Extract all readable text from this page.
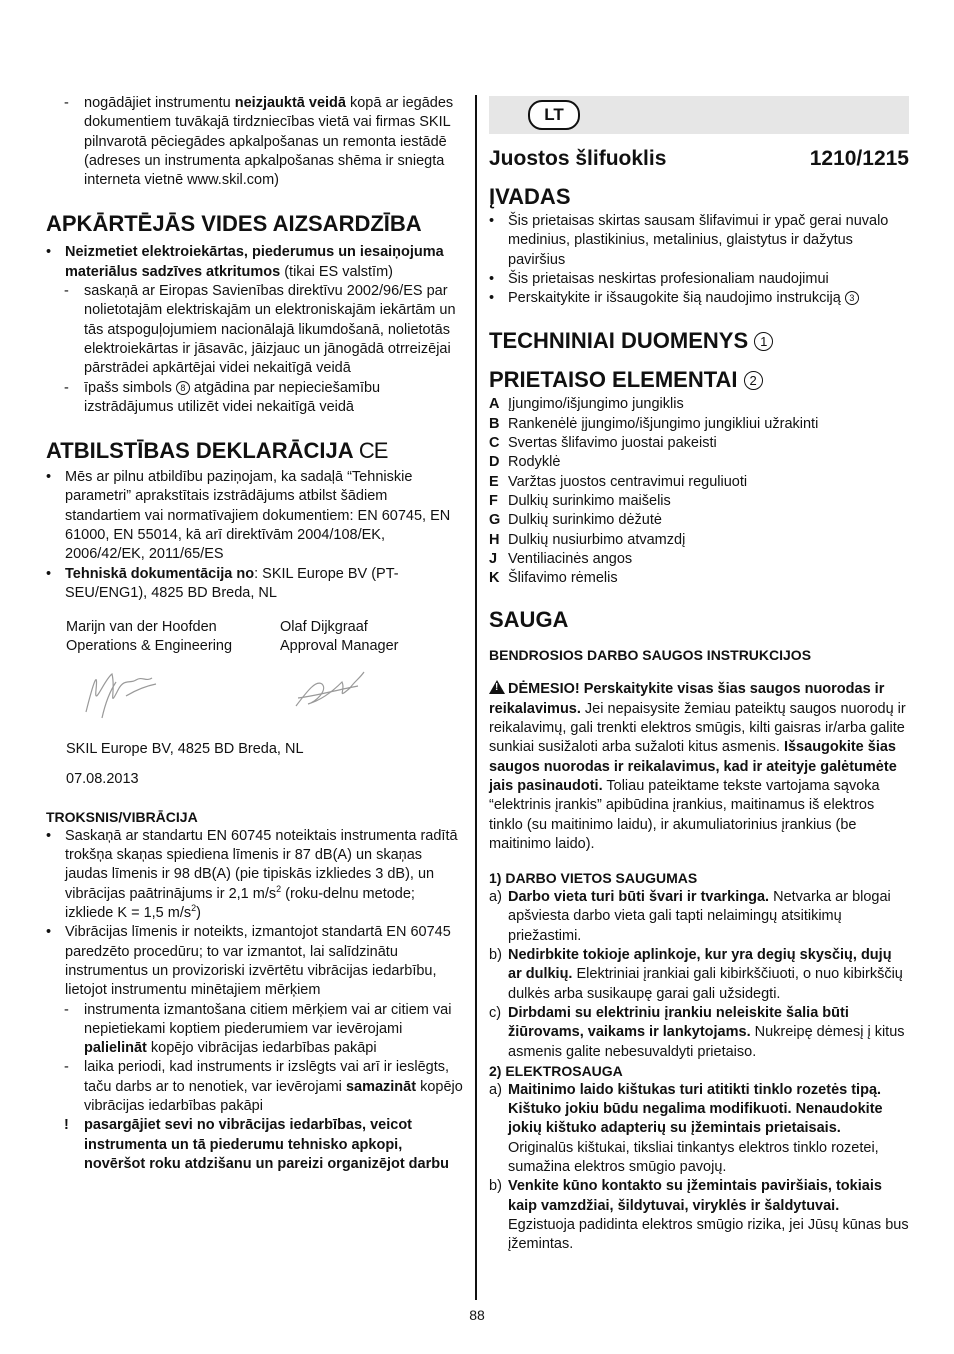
- nogādājiet instrumentu neizjauktā veidā kopā ar iegādes dokumentiem tuvākajā tirdzniecības vietā vai firmas SKIL pilnvarotā pēciegādes apkalpošanas un remonta iestādē (adreses un instrumenta apkalpošanas shēma ir sniegta interneta vietnē www.skil.com)
APKĀRTĒJĀS VIDES AIZSARDZĪBA
• Neizmetiet elektroiekārtas, piederumus un iesaiņojuma materiālus sadzīves atkritumos (tikai ES valstīm)
- saskaņā ar Eiropas Savienības direktīvu 2002/96/ES par nolietotajām elektriskajām un elektroniskajām iekārtām un tās atspoguļojumiem nacionālajā likumdošanā, nolietotās elektroiekārtas ir jāsavāc, jāizjauc un jānogādā otrreizējai pārstrādei apkārtējai videi nekaitīgā veidā
- īpašs simbols 8 atgādina par nepieciešamību izstrādājumus utilizēt videi nekaitīgā veidā
ATBILSTĪBAS DEKLARĀCIJA CE
• Mēs ar pilnu atbildību paziņojam, ka sadaļā “Tehniskie parametri” aprakstītais izstrādājums atbilst šādiem standartiem vai normatīvajiem dokumentiem: EN 60745, EN 61000, EN 55014, kā arī direktīvām 2004/108/EK, 2006/42/EK, 2011/65/ES
• Tehniskā dokumentācija no: SKIL Europe BV (PT-SEU/ENG1), 4825 BD Breda, NL
Marijn van der Hoofden
Operations & Engineering
Olaf Dijkgraaf
Approval Manager
SKIL Europe BV, 4825 BD Breda, NL
07.08.2013
TROKSNIS/VIBRĀCIJA
• Saskaņā ar standartu EN 60745 noteiktais instrumenta radītā trokšņa skaņas spiediena līmenis ir 87 dB(A) un skaņas jaudas līmenis ir 98 dB(A) (pie tipiskās izkliedes 3 dB), un vibrācijas paātrinājums ir 2,1 $m/s^2$ (roku-delnu metode; izkliede K = 1,5 $m/s^2$)
• Vibrācijas līmenis ir noteikts, izmantojot standartā EN 60745 paredzēto procedūru; to var izmantot, lai salīdzinātu instrumentus un provizoriski izvērtētu vibrācijas iedarbību, lietojot instrumentu minētajiem mērķiem
- instrumenta izmantošana citiem mērķiem vai ar citiem vai nepietiekami koptiem piederumiem var ievērojami palielināt kopējo vibrācijas iedarbības pakāpi
- laika periodi, kad instruments ir izslēgts vai arī ir ieslēgts, taču darbs ar to nenotiek, var ievērojami samazināt kopējo vibrācijas iedarbības pakāpi
! pasargājiet sevi no vibrācijas iedarbības, veicot instrumenta un tā piederumu tehnisko apkopi, novēršot roku atdzišanu un pareizi organizējot darbu
LT
Juostos šlifuoklis	1210/1215
ĮVADAS
• Šis prietaisas skirtas sausam šlifavimui ir ypač gerai nuvalo medinius, plastikinius, metalinius, glaistytus ir dažytus paviršius
• Šis prietaisas neskirtas profesionaliam naudojimui
• Perskaitykite ir išsaugokite šią naudojimo instrukciją 3
TECHNINIAI DUOMENYS 1
PRIETAISO ELEMENTAI 2
A Įjungimo/išjungimo jungiklis
B Rankenėlė įjungimo/išjungimo jungikliui užrakinti
C Svertas šlifavimo juostai pakeisti
D Rodyklė
E Varžtas juostos centravimui reguliuoti
F Dulkių surinkimo maišelis
G Dulkių surinkimo dėžutė
H Dulkių nusiurbimo atvamzdį
J Ventiliacinės angos
K Šlifavimo rėmelis
SAUGA
BENDROSIOS DARBO SAUGOS INSTRUKCIJOS
!DĖMESIO! Perskaitykite visas šias saugos nuorodas ir reikalavimus. Jei nepaisysite žemiau pateiktų saugos nuorodų ir reikalavimų, gali trenkti elektros smūgis, kilti gaisras ir/arba galite sunkiai susižaloti arba sužaloti kitus asmenis. Išsaugokite šias saugos nuorodas ir reikalavimus, kad ir ateityje galėtumėte jais pasinaudoti. Toliau pateiktame tekste vartojama sąvoka “elektrinis įrankis” apibūdina įrankius, maitinamus iš elektros tinklo (su maitinimo laidu), ir akumuliatorinius įrankius (be maitinimo laido).
1) DARBO VIETOS SAUGUMAS
a) Darbo vieta turi būti švari ir tvarkinga. Netvarka ar blogai apšviesta darbo vieta gali tapti nelaimingų atsitikimų priežastimi.
b) Nedirbkite tokioje aplinkoje, kur yra degių skysčių, dujų ar dulkių. Elektriniai įrankiai gali kibirkščiuoti, o nuo kibirkščių dulkės arba susikaupę garai gali užsidegti.
c) Dirbdami su elektriniu įrankiu neleiskite šalia būti žiūrovams, vaikams ir lankytojams. Nukreipę dėmesį į kitus asmenis galite nebesuvaldyti prietaiso.
2) ELEKTROSAUGA
a) Maitinimo laido kištukas turi atitikti tinklo rozetės tipą. Kištuko jokiu būdu negalima modifikuoti. Nenaudokite jokių kištuko adapterių su įžemintais prietaisais. Originalūs kištukai, tiksliai tinkantys elektros tinklo rozetei, sumažina elektros smūgio pavojų.
b) Venkite kūno kontakto su įžemintais paviršiais, tokiais kaip vamzdžiai, šildytuvai, viryklės ir šaldytuvai. Egzistuoja padidinta elektros smūgio rizika, jei Jūsų kūnas bus įžemintas.
88
